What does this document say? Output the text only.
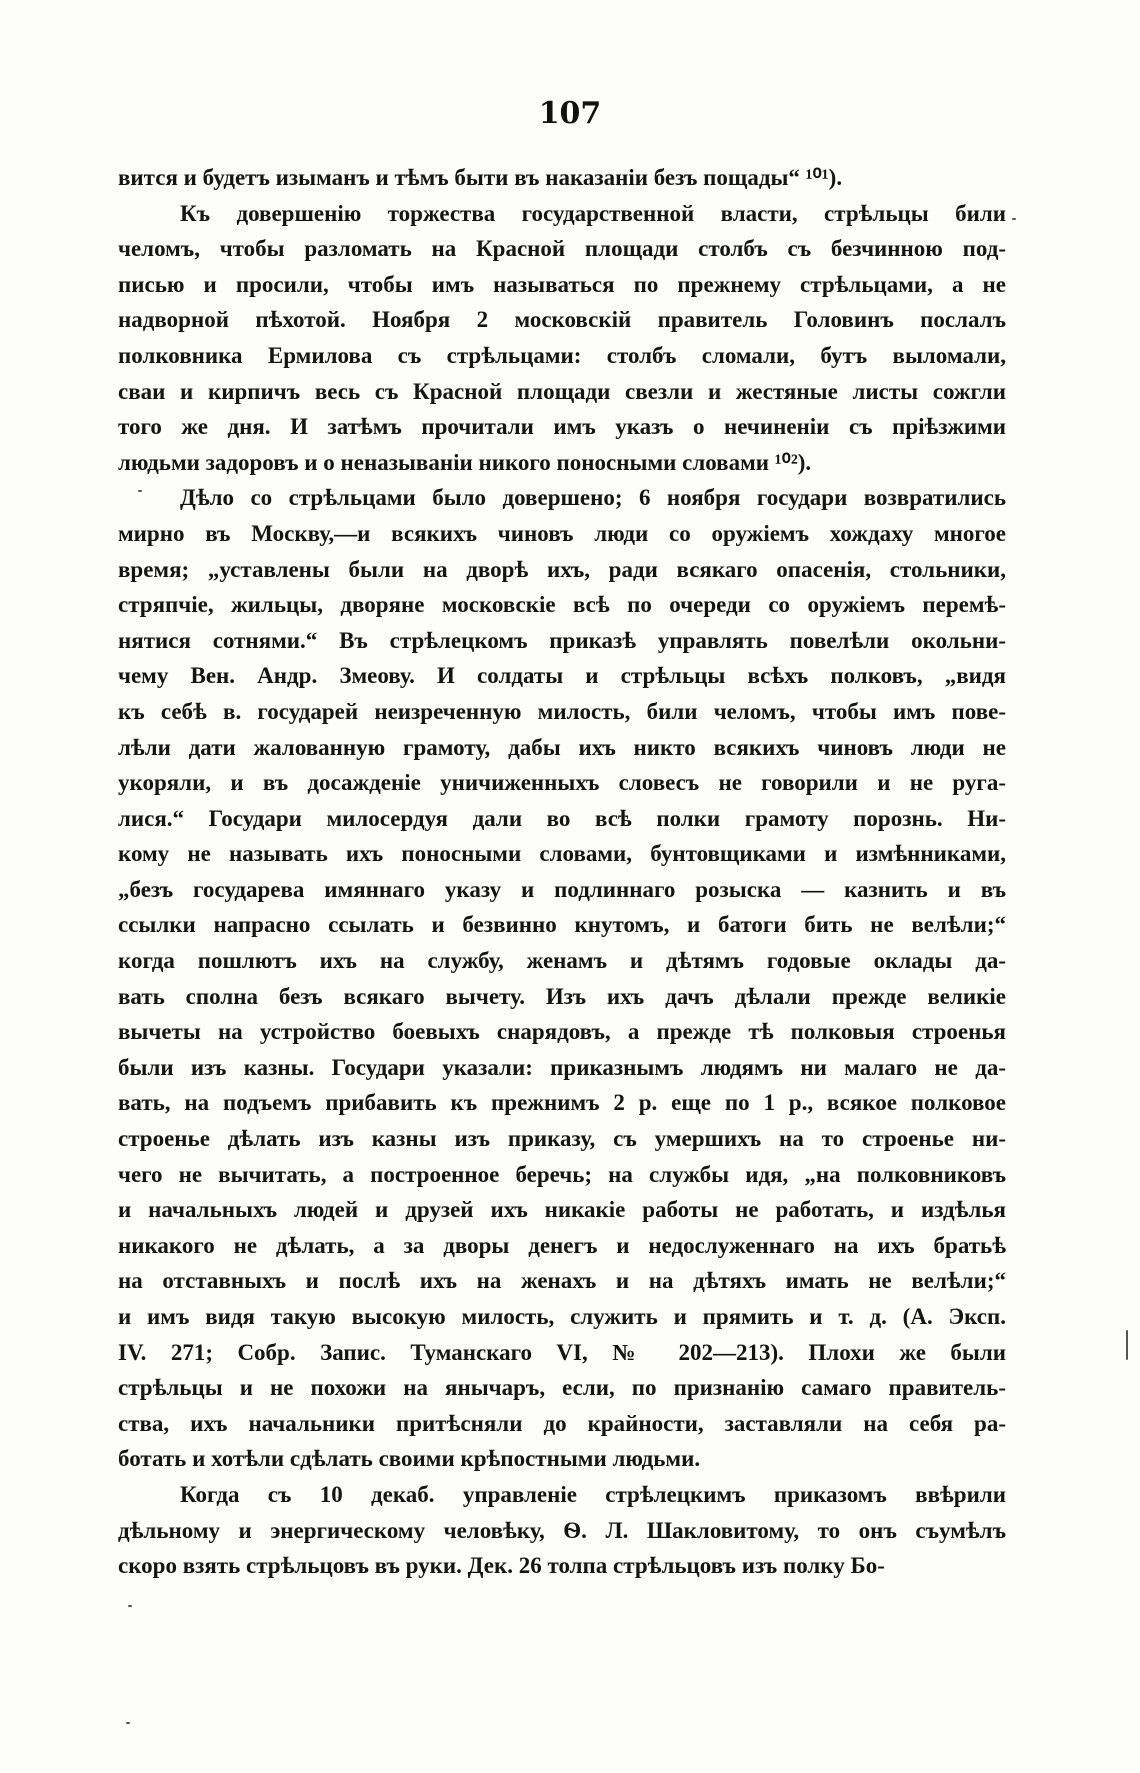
107
вится и будетъ изыманъ и тѣмъ быти въ наказаніи безъ пощады“ ¹⁰¹).
Къ довершенію торжества государственной власти, стрѣльцы били
челомъ, чтобы разломать на Красной площади столбъ съ безчинною под-
писью и просили, чтобы имъ называться по прежнему стрѣльцами, а не
надворной пѣхотой. Ноября 2 московскій правитель Головинъ послалъ
полковника Ермилова съ стрѣльцами: столбъ сломали, бутъ выломали,
сваи и кирпичъ весь съ Красной площади свезли и жестяные листы сожгли
того же дня. И затѣмъ прочитали имъ указъ о нечиненіи съ пріѣзжими
людьми задоровъ и о неназываніи никого поносными словами ¹⁰²).
Дѣло со стрѣльцами было довершено; 6 ноября государи возвратились
мирно въ Москву,—и всякихъ чиновъ люди со оружіемъ хождаху многое
время; „уставлены были на дворѣ ихъ, ради всякаго опасенія, стольники,
стряпчіе, жильцы, дворяне московскіе всѣ по очереди со оружіемъ перемѣ-
нятися сотнями.“ Въ стрѣлецкомъ приказѣ управлять повелѣли окольни-
чему Вен. Андр. Змеову. И солдаты и стрѣльцы всѣхъ полковъ, „видя
къ себѣ в. государей неизреченную милость, били челомъ, чтобы имъ пове-
лѣли дати жалованную грамоту, дабы ихъ никто всякихъ чиновъ люди не
укоряли, и въ досажденіе уничиженныхъ словесъ не говорили и не ругa-
лися.“ Государи милосердуя дали во всѣ полки грамоту порознь. Ни-
кому не называть ихъ поносными словами, бунтовщиками и измѣнниками,
„безъ государева имяннаго указу и подлиннаго розыска — казнить и въ
ссылки напрасно ссылать и безвинно кнутомъ, и батоги бить не велѣли;“
когда пошлютъ ихъ на службу, женамъ и дѣтямъ годовые оклады да-
вать сполна безъ всякаго вычету. Изъ ихъ дачъ дѣлали прежде великіе
вычеты на устройство боевыхъ снарядовъ, а прежде тѣ полковыя строенья
были изъ казны. Государи указали: приказнымъ людямъ ни малаго не да-
вать, на подъемъ прибавить къ прежнимъ 2 р. еще по 1 р., всякое полковое
строенье дѣлать изъ казны изъ приказу, съ умершихъ на то строенье ни-
чего не вычитать, а построенное беречь; на службы идя, „на полковниковъ
и начальныхъ людей и друзей ихъ никакіе работы не работать, и издѣлья
никакого не дѣлать, а за дворы денегъ и недослуженнаго на ихъ братьѣ
на отставныхъ и послѣ ихъ на женахъ и на дѣтяхъ имать не велѣли;“
и имъ видя такую высокую милость, служить и прямить и т. д. (А. Эксп.
IV. 271; Собр. Запис. Туманскаго VI, № 202—213). Плохи же были
стрѣльцы и не похожи на янычаръ, если, по признанію самаго правитель-
ства, ихъ начальники притѣсняли до крайности, заставляли на себя ра-
ботать и хотѣли сдѣлать своими крѣпостными людьми.
Когда съ 10 декаб. управленіе стрѣлецкимъ приказомъ ввѣрили
дѣльному и энергическому человѣку, Ѳ. Л. Шакловитому, то онъ съумѣлъ
скоро взять стрѣльцовъ въ руки. Дек. 26 толпа стрѣльцовъ изъ полку Бо-
